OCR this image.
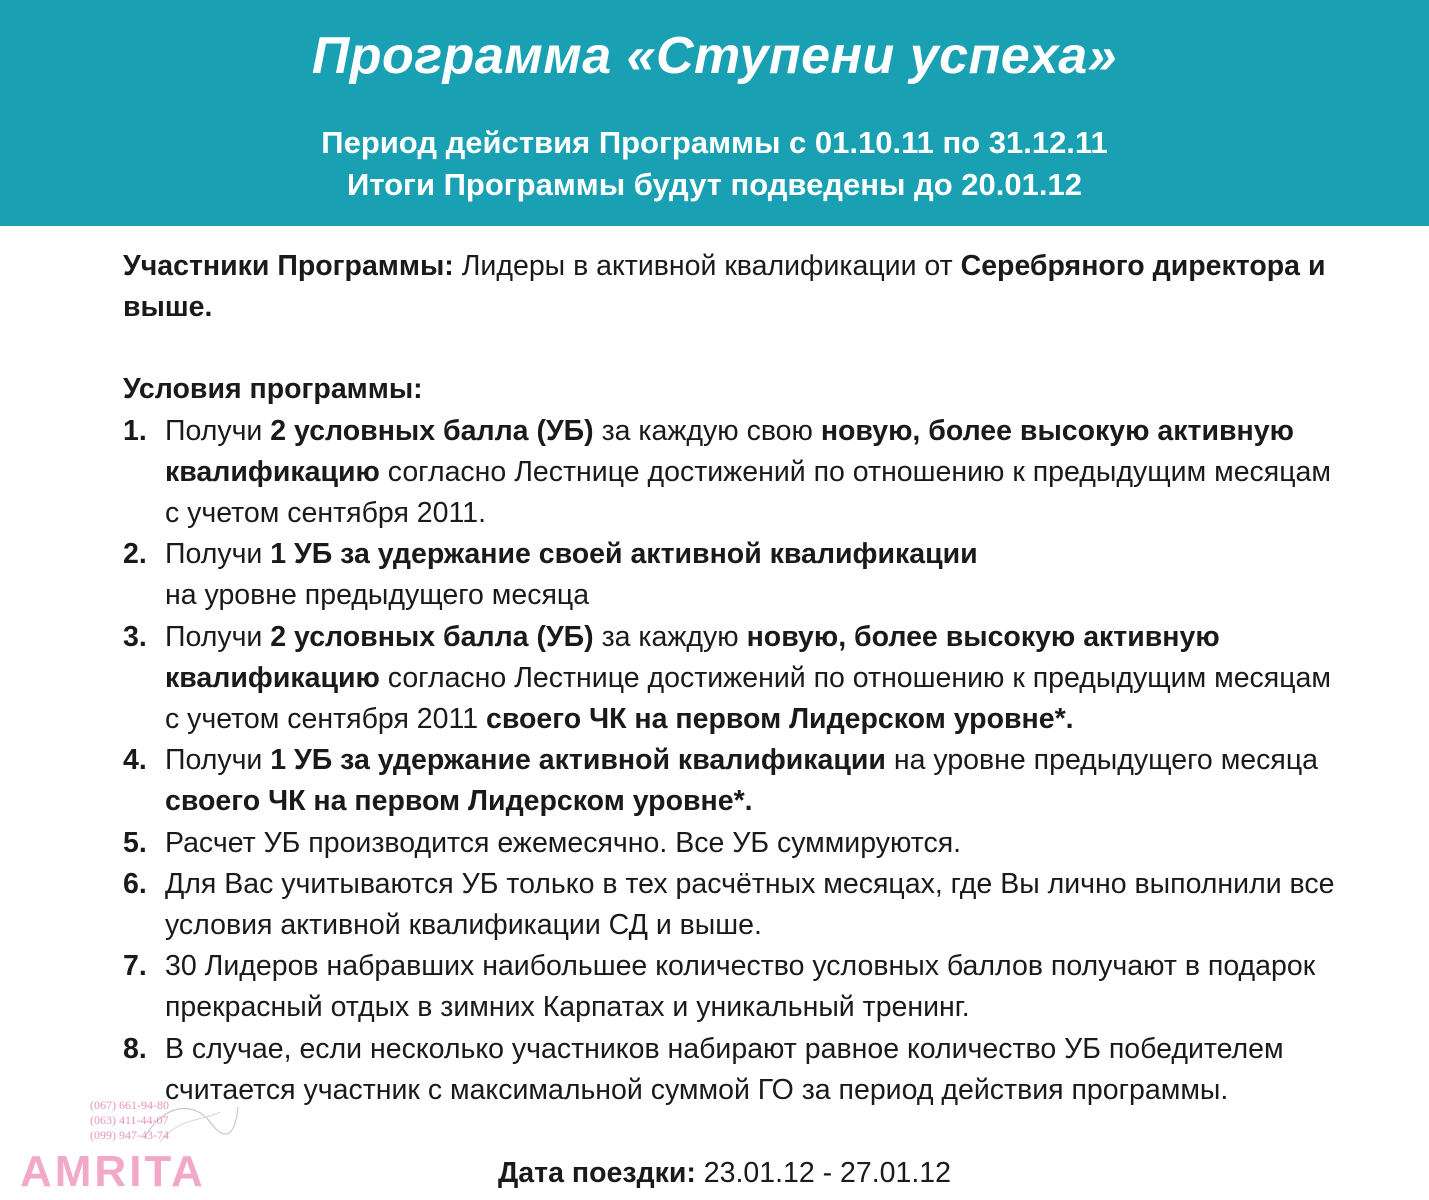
Программа «Ступени успеха»
Период действия Программы с 01.10.11 по 31.12.11
Итоги Программы будут подведены до 20.01.12

Участники Программы: Лидеры в активной квалификации от Серебряного директора и выше.

Условия программы:

1. Получи 2 условных балла (УБ) за каждую свою новую, более высокую активную квалификацию согласно Лестнице достижений по отношению к предыдущим месяцам с учетом сентября 2011.
2. Получи 1 УБ за удержание своей активной квалификации
на уровне предыдущего месяца
3. Получи 2 условных балла (УБ) за каждую новую, более высокую активную квалификацию согласно Лестнице достижений по отношению к предыдущим месяцам с учетом сентября 2011 своего ЧК на первом Лидерском уровне*.
4. Получи 1 УБ за удержание активной квалификации на уровне предыдущего месяца своего ЧК на первом Лидерском уровне*.
5. Расчет УБ производится ежемесячно. Все УБ суммируются.
6. Для Вас учитываются УБ только в тех расчётных месяцах, где Вы лично выполнили все условия активной квалификации СД и выше.
7. 30 Лидеров набравших наибольшее количество условных баллов получают в подарок прекрасный отдых в зимних Карпатах и уникальный тренинг.
8. В случае, если несколько участников набирают равное количество УБ победителем считается участник с максимальной суммой ГО за период действия программы.
Дата поездки: 23.01.12 - 27.01.12
(067) 661-94-80
(063) 411-44-07
(099) 947-43-74
AMRITA
